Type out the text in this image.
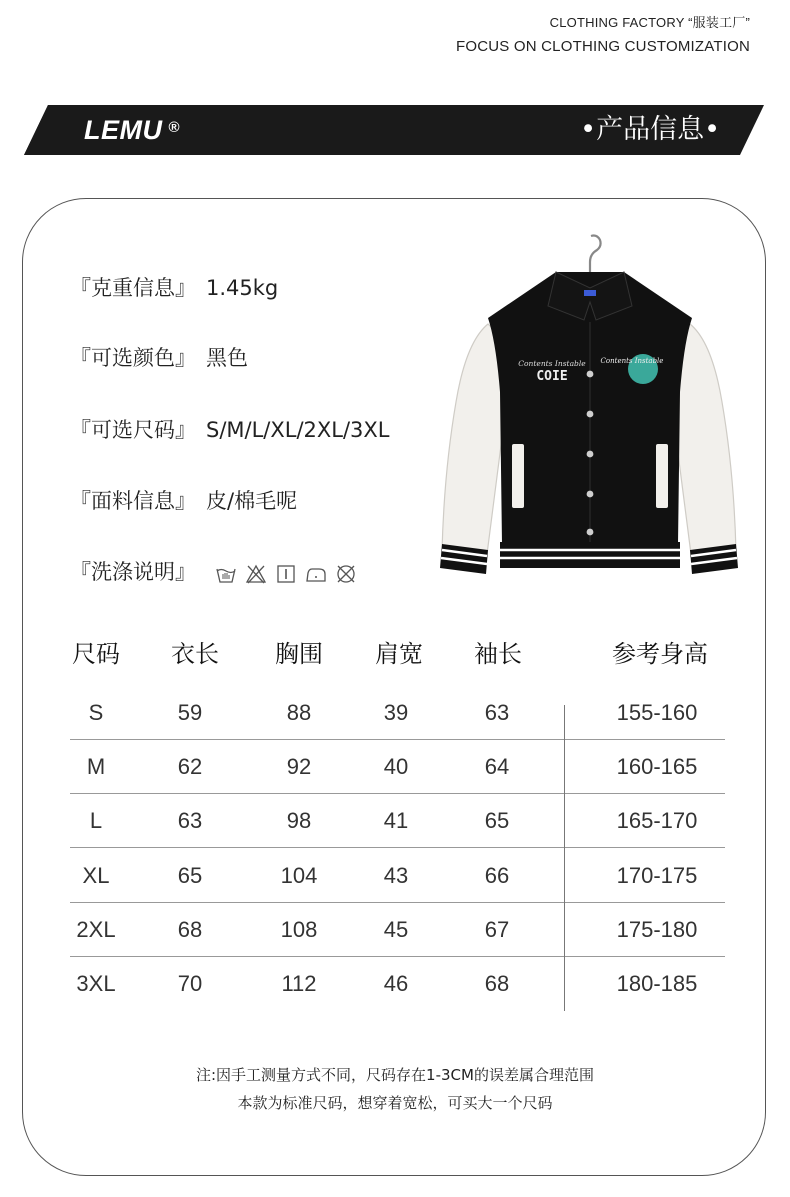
CLOTHING FACTORY “服装工厂”
FOCUS ON CLOTHING CUSTOMIZATION
LEMU ®	•产品信息•
『克重信息』 1.45kg
『可选颜色』 黑色
『可选尺码』 S/M/L/XL/2XL/3XL
『面料信息』 皮/棉毛呢
『洗涤说明』
Contents Instable
COIE
Contents Instable
尺码	衣长	胸围	肩宽	袖长	参考身高
S	59	88	39	63	155-160
M	62	92	40	64	160-165
L	63	98	41	65	165-170
XL	65	104	43	66	170-175
2XL	68	108	45	67	175-180
3XL	70	112	46	68	180-185
注:因手工测量方式不同，尺码存在1-3CM的误差属合理范围
本款为标准尺码，想穿着宽松，可买大一个尺码
